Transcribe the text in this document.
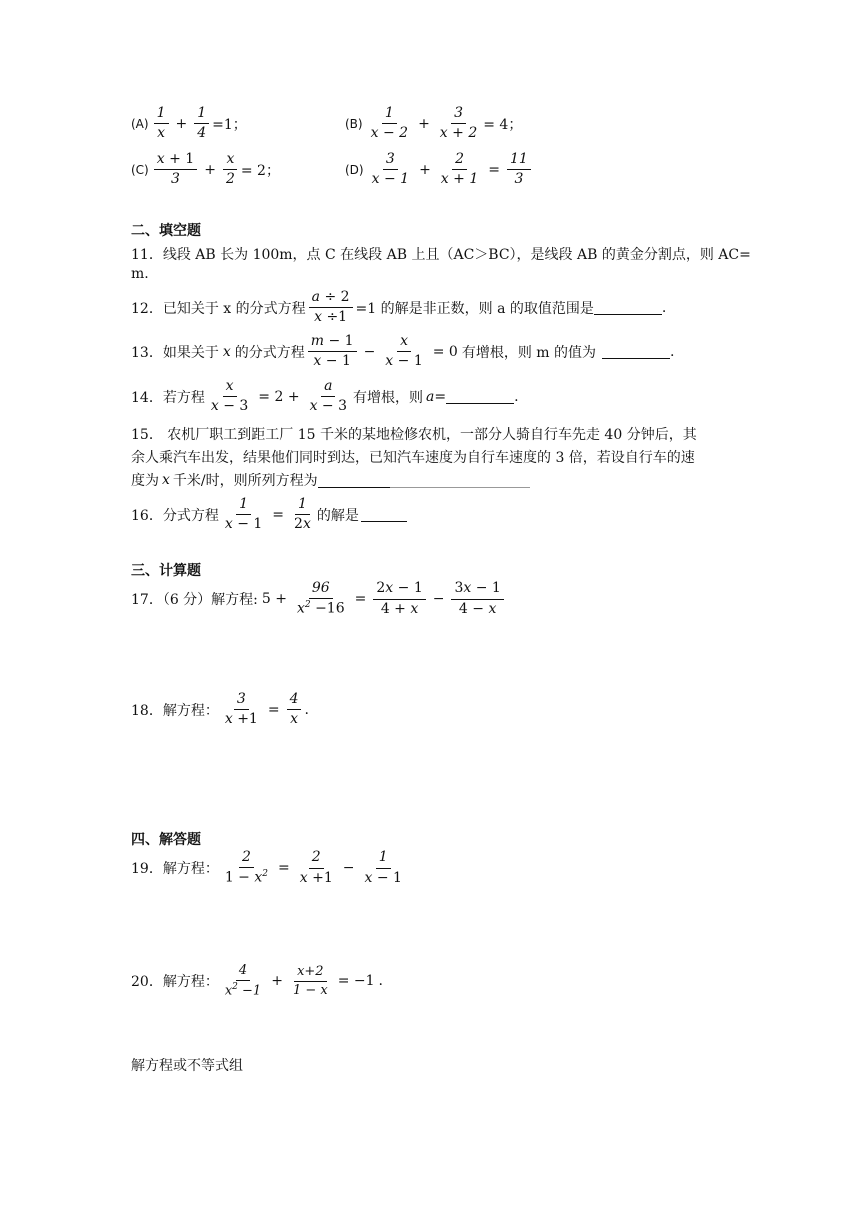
$(A) \frac{1}{x} + \frac{1}{4} =1$；	$(B) \frac{1}{x - 2} + \frac{3}{x + 2} = 4$；
$(C) \frac{x + 1}{3} + \frac{x}{2} = 2$；	$(D) \frac{3}{x - 1} + \frac{2}{x + 1} = \frac{11}{3}$
二、填空题
11．线段 AB 长为 100m，点 C 在线段 AB 上且（AC＞BC），是线段 AB 的黄金分割点，则 AC=
m.
12．已知关于 x 的分式方程 $\frac{a \div 2}{x \div 1} =1$ 的解是非正数，则 a 的取值范围是	.
13．如果关于 x 的分式方程 $\frac{m - 1}{x - 1} - \frac{x}{x - 1} = 0$ 有增根，则 m 的值为	.
14．若方程 $\frac{x}{x - 3} = 2 + \frac{a}{x - 3}$ 有增根，则 a =	.
15． 农机厂职工到距工厂 15 千米的某地检修农机，一部分人骑自行车先走 40 分钟后，其
余人乘汽车出发，结果他们同时到达，已知汽车速度为自行车速度的 3 倍，若设自行车的速
度为 x 千米/时，则所列方程为
16．分式方程 $\frac{1}{x - 1} = \frac{1}{2x}$ 的解是
三、计算题
17．（6 分）解方程: $5 + \frac{96}{x^2 -16} = \frac{2x - 1}{4 + x} - \frac{3x - 1}{4 - x}$
18．解方程： $\frac{3}{x +1} = \frac{4}{x}$ .
四、解答题
19．解方程： $\frac{2}{1 - x^2} = \frac{2}{x +1} - \frac{1}{x - 1}$
20．解方程： $\frac{4}{x^2 -1} + \frac{x+2}{1 - x} = -1$ .
解方程或不等式组
